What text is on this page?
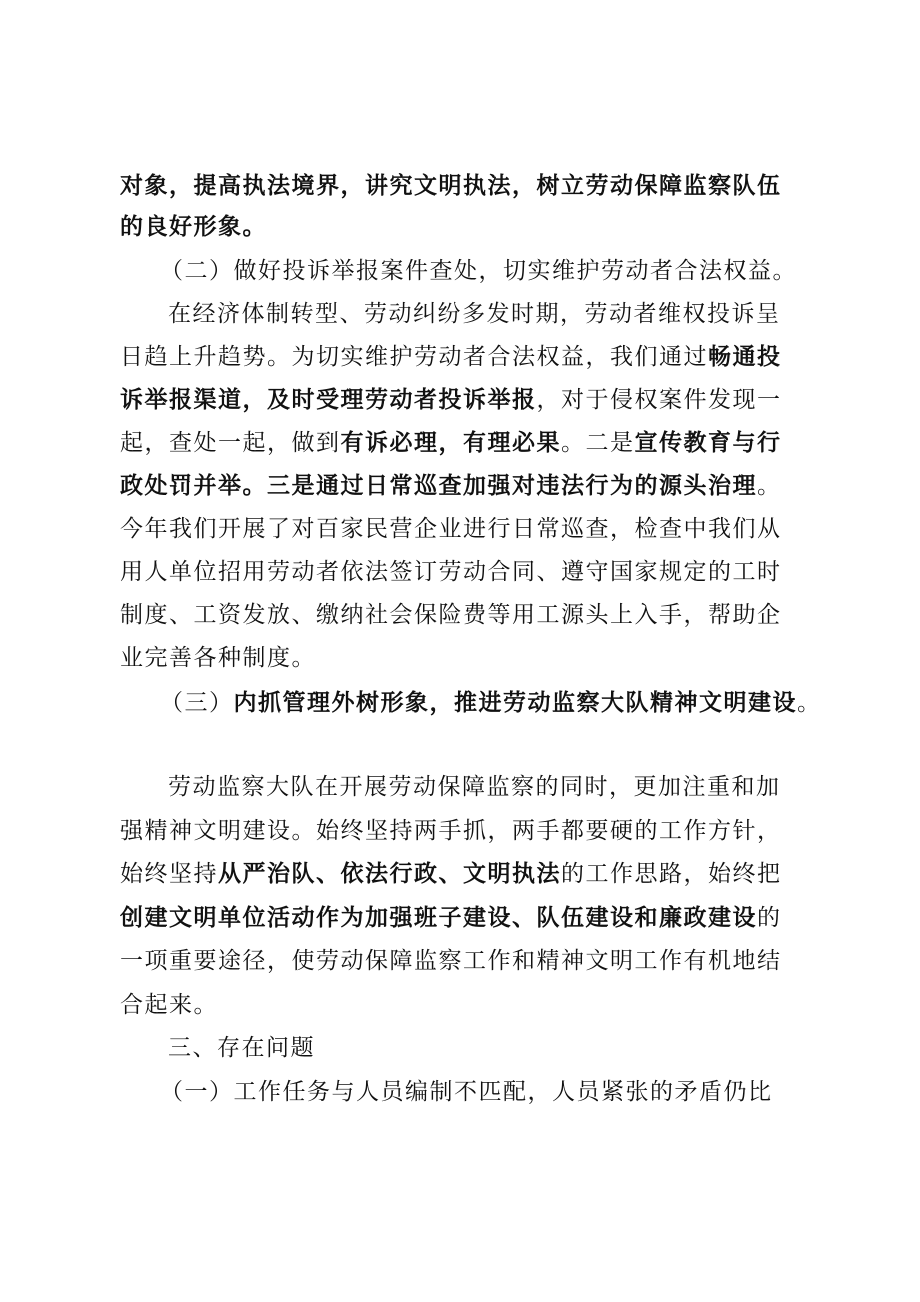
对象，提高执法境界，讲究文明执法，树立劳动保障监察队伍
的良好形象。
（二）做好投诉举报案件查处，切实维护劳动者合法权益。
在经济体制转型、劳动纠纷多发时期，劳动者维权投诉呈
日趋上升趋势。为切实维护劳动者合法权益，我们通过畅通投
诉举报渠道，及时受理劳动者投诉举报，对于侵权案件发现一
起，查处一起，做到有诉必理，有理必果。二是宣传教育与行
政处罚并举。三是通过日常巡查加强对违法行为的源头治理。
今年我们开展了对百家民营企业进行日常巡查，检查中我们从
用人单位招用劳动者依法签订劳动合同、遵守国家规定的工时
制度、工资发放、缴纳社会保险费等用工源头上入手，帮助企
业完善各种制度。
（三）内抓管理外树形象，推进劳动监察大队精神文明建设。
劳动监察大队在开展劳动保障监察的同时，更加注重和加
强精神文明建设。始终坚持两手抓，两手都要硬的工作方针，
始终坚持从严治队、依法行政、文明执法的工作思路，始终把
创建文明单位活动作为加强班子建设、队伍建设和廉政建设的
一项重要途径，使劳动保障监察工作和精神文明工作有机地结
合起来。
三、存在问题
（一）工作任务与人员编制不匹配，人员紧张的矛盾仍比
